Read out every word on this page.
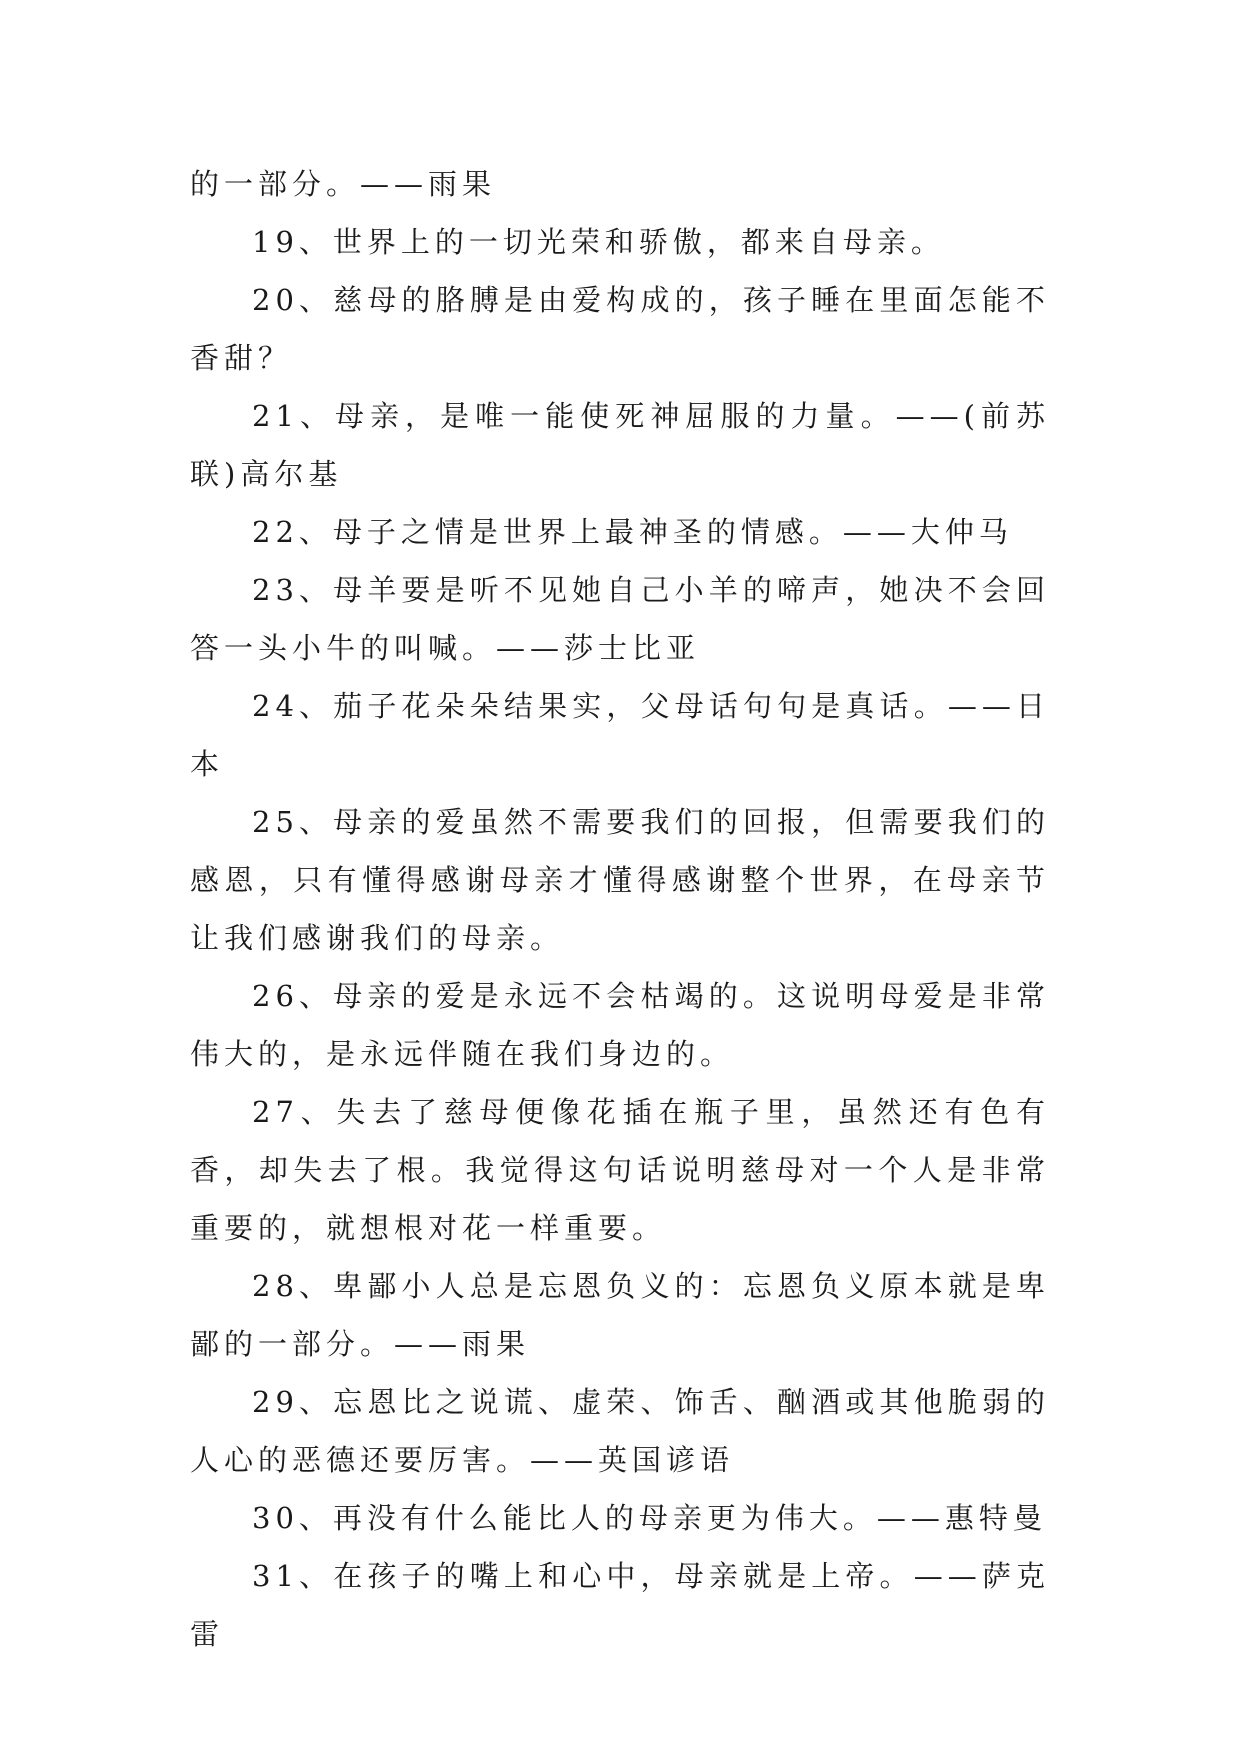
的一部分。——雨果

19、世界上的一切光荣和骄傲，都来自母亲。

20、慈母的胳膊是由爱构成的，孩子睡在里面怎能不香甜？

21、母亲，是唯一能使死神屈服的力量。——(前苏联)高尔基

22、母子之情是世界上最神圣的情感。——大仲马

23、母羊要是听不见她自己小羊的啼声，她决不会回答一头小牛的叫喊。——莎士比亚

24、茄子花朵朵结果实，父母话句句是真话。——日本

25、母亲的爱虽然不需要我们的回报，但需要我们的感恩，只有懂得感谢母亲才懂得感谢整个世界，在母亲节让我们感谢我们的母亲。

26、母亲的爱是永远不会枯竭的。这说明母爱是非常伟大的，是永远伴随在我们身边的。

27、失去了慈母便像花插在瓶子里，虽然还有色有香，却失去了根。我觉得这句话说明慈母对一个人是非常重要的，就想根对花一样重要。

28、卑鄙小人总是忘恩负义的：忘恩负义原本就是卑鄙的一部分。——雨果

29、忘恩比之说谎、虚荣、饰舌、酗酒或其他脆弱的人心的恶德还要厉害。——英国谚语

30、再没有什么能比人的母亲更为伟大。——惠特曼

31、在孩子的嘴上和心中，母亲就是上帝。——萨克雷
